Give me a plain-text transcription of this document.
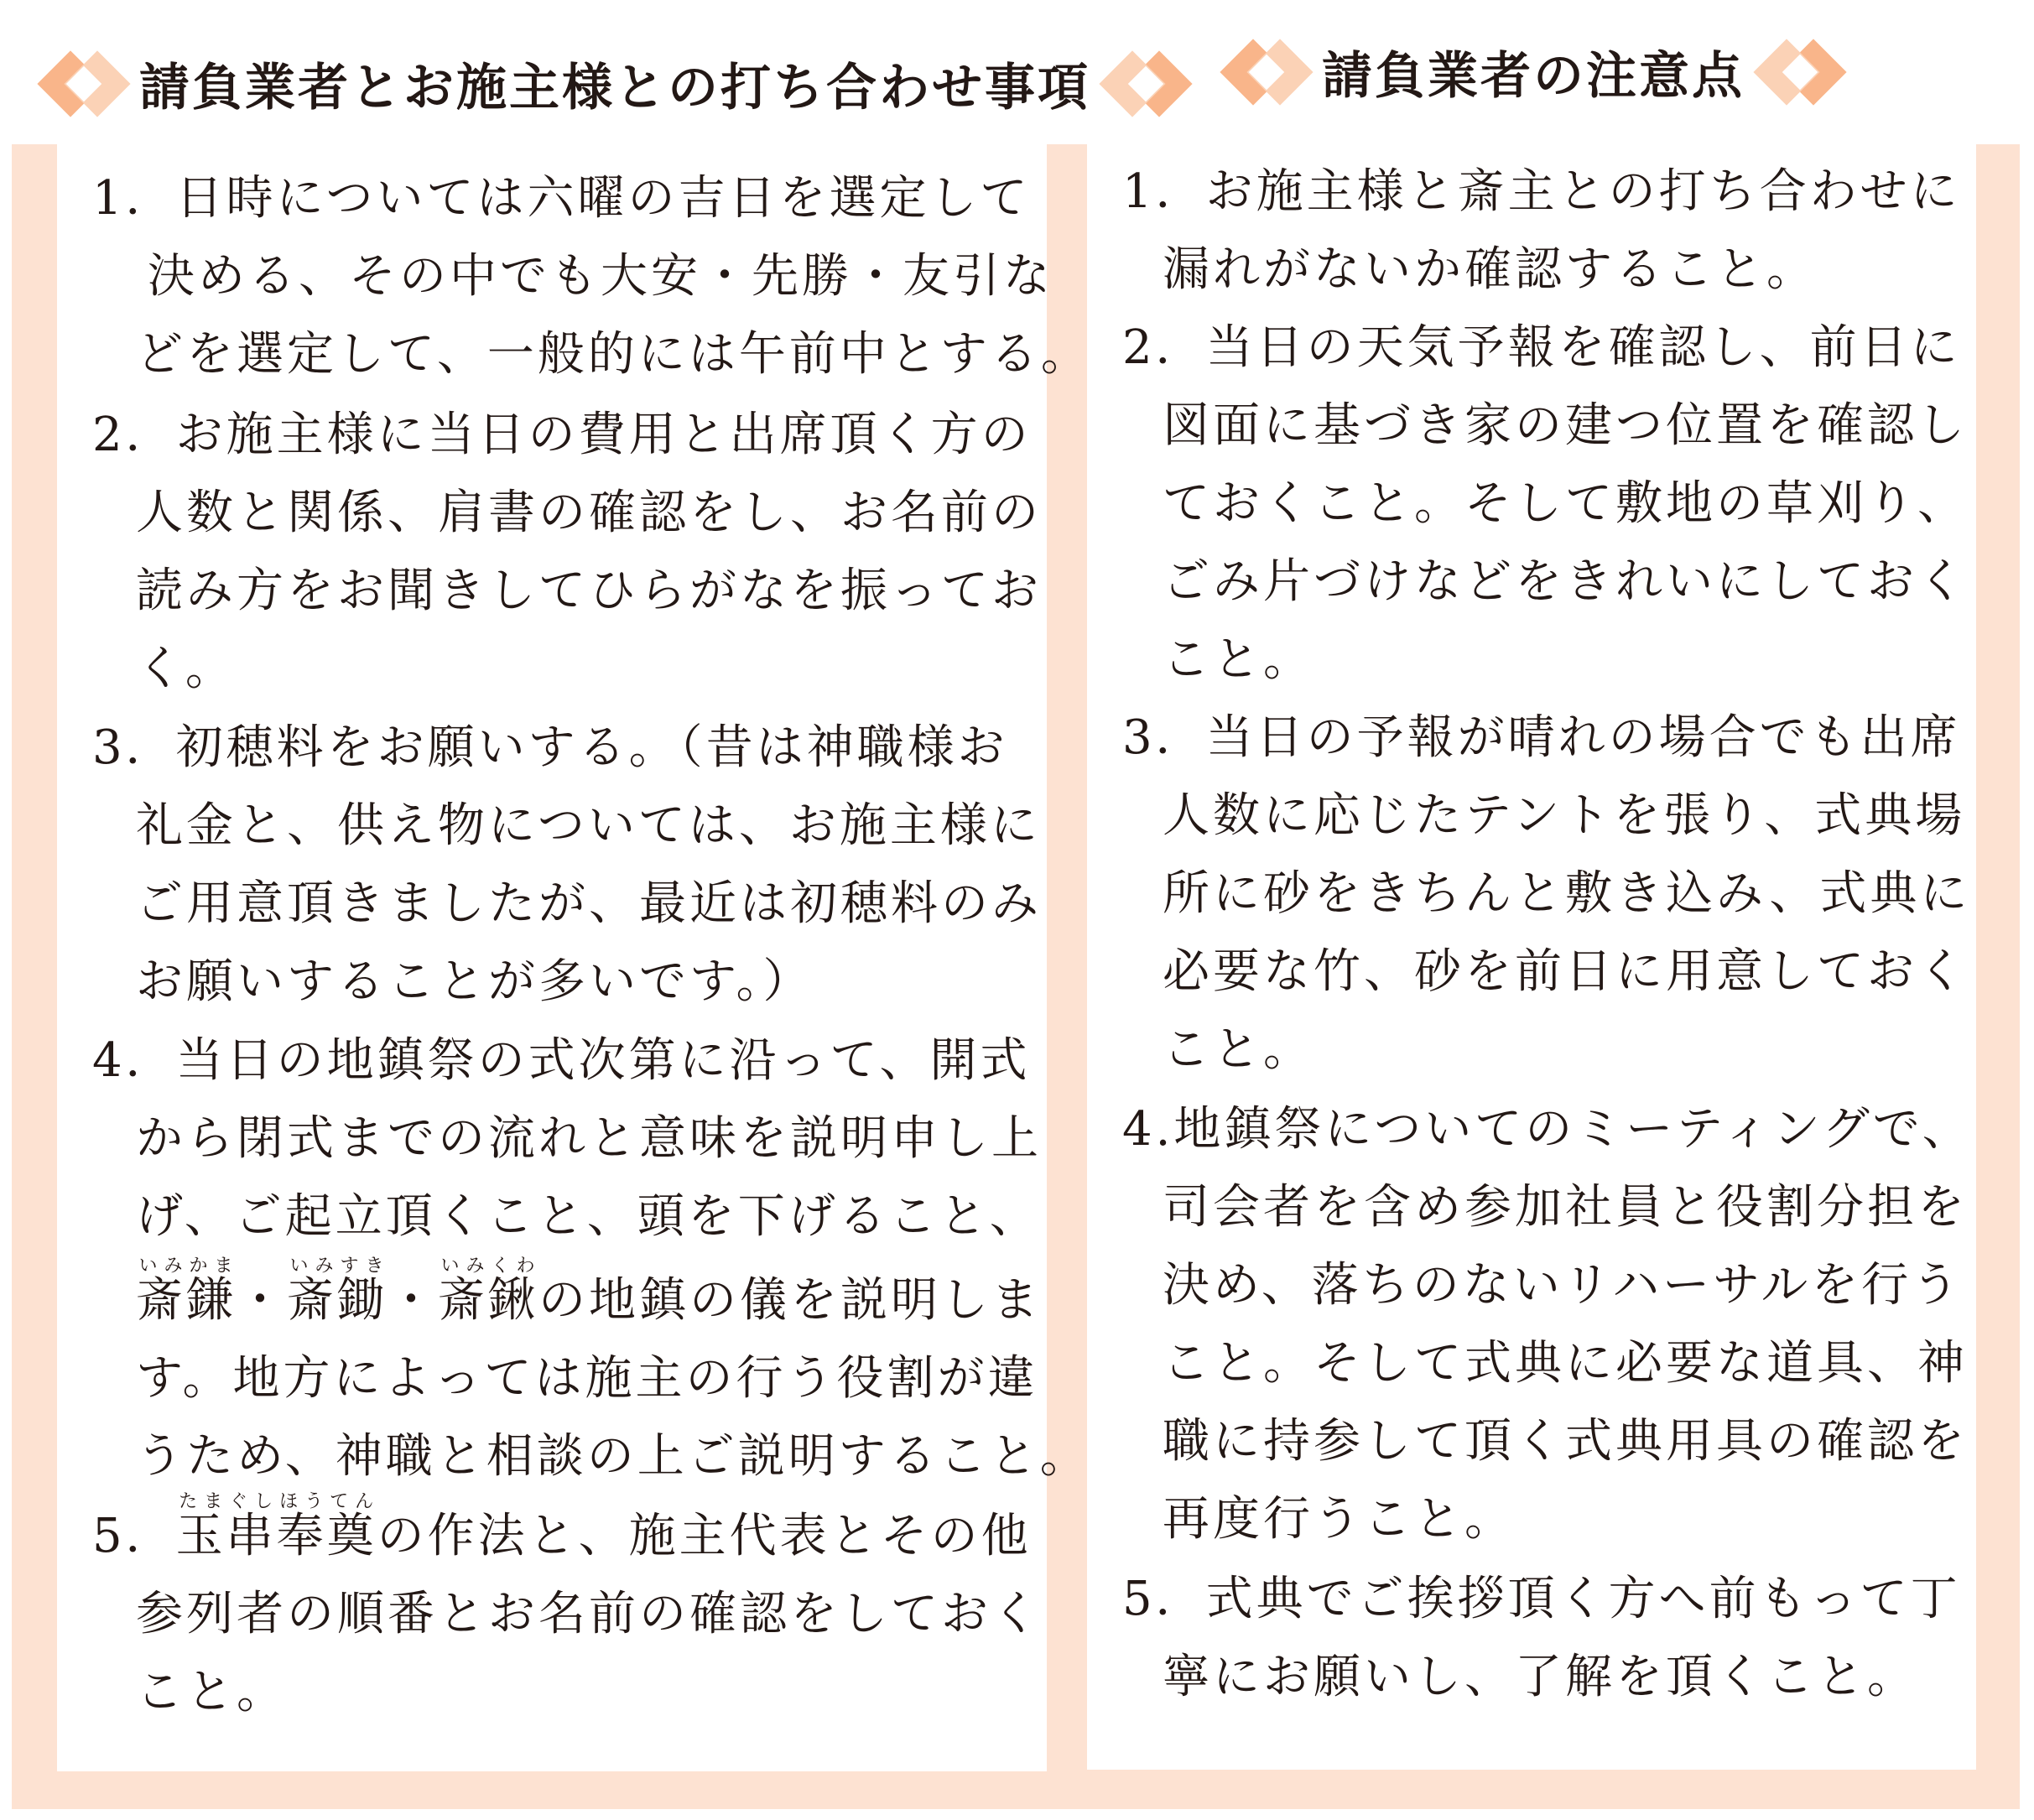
請負業者とお施主様との打ち合わせ事項	請負業者の注意点
1．日時については六曜の吉日を選定して
決める、その中でも大安・先勝・友引な
どを選定して、一般的には午前中とする。
2．お施主様に当日の費用と出席頂く方の
人数と関係、肩書の確認をし、お名前の
読み方をお聞きしてひらがなを振ってお
く。
3．初穂料をお願いする。（昔は神職様お
礼金と、供え物については、お施主様に
ご用意頂きましたが、最近は初穂料のみ
お願いすることが多いです。）
4．当日の地鎮祭の式次第に沿って、開式
から閉式までの流れと意味を説明申し上
げ、ご起立頂くこと、頭を下げること、
斎鎌いみかま・斎鋤いみすき・斎鍬いみくわの地鎮の儀を説明しま
す。地方によっては施主の行う役割が違
うため、神職と相談の上ご説明すること。
5．玉串奉奠たまぐしほうてんの作法と、施主代表とその他
参列者の順番とお名前の確認をしておく
こと。
1．お施主様と斎主との打ち合わせに
漏れがないか確認すること。
2．当日の天気予報を確認し、前日に
図面に基づき家の建つ位置を確認し
ておくこと。そして敷地の草刈り、
ごみ片づけなどをきれいにしておく
こと。
3．当日の予報が晴れの場合でも出席
人数に応じたテントを張り、式典場
所に砂をきちんと敷き込み、式典に
必要な竹、砂を前日に用意しておく
こと。
4.地鎮祭についてのミーティングで、
司会者を含め参加社員と役割分担を
決め、落ちのないリハーサルを行う
こと。そして式典に必要な道具、神
職に持参して頂く式典用具の確認を
再度行うこと。
5．式典でご挨拶頂く方へ前もって丁
寧にお願いし、了解を頂くこと。
